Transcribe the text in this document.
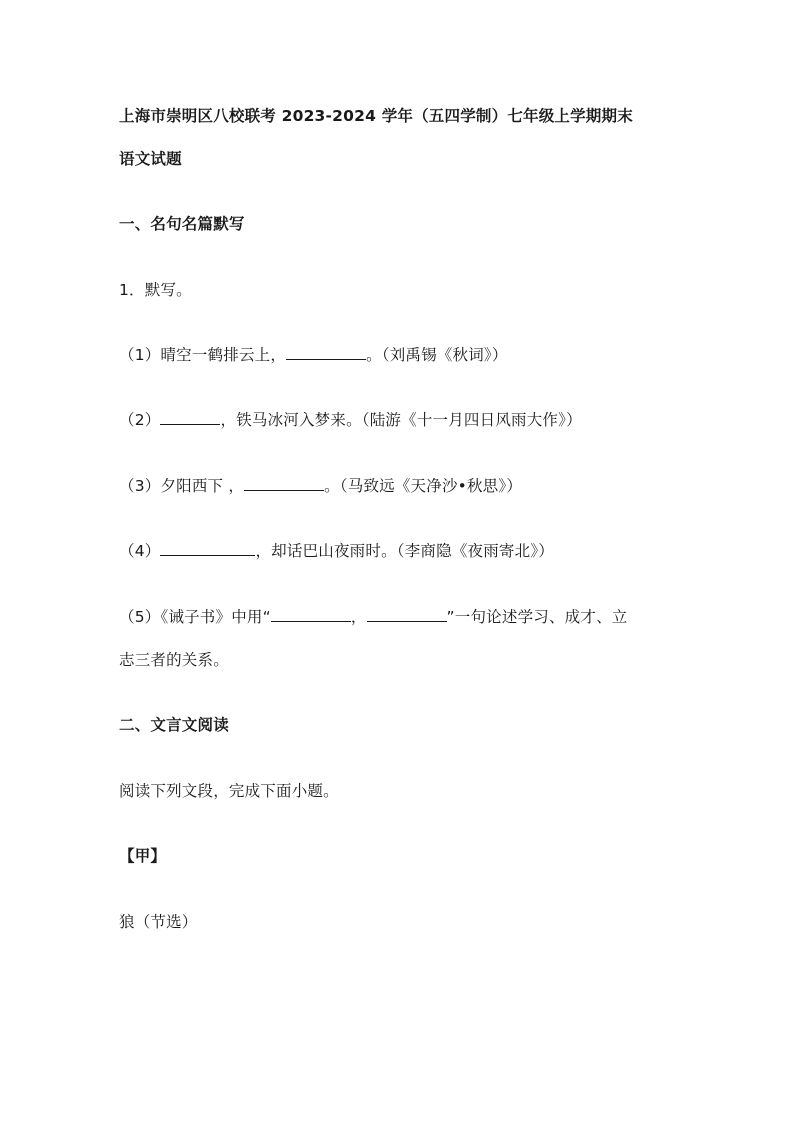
上海市崇明区八校联考 2023-2024 学年（五四学制）七年级上学期期末
语文试题
一、名句名篇默写
1．默写。
（1）晴空一鹤排云上，	。（刘禹锡《秋词》）
（2）	，铁马冰河入梦来。（陆游《十一月四日风雨大作》）
（3）夕阳西下 ，	。（马致远《天净沙•秋思》）
（4）	，却话巴山夜雨时。（李商隐《夜雨寄北》）
（5）《诫子书》中用“	，	”一句论述学习、成才、立
志三者的关系。
二、文言文阅读
阅读下列文段，完成下面小题。
【甲】
狼（节选）
